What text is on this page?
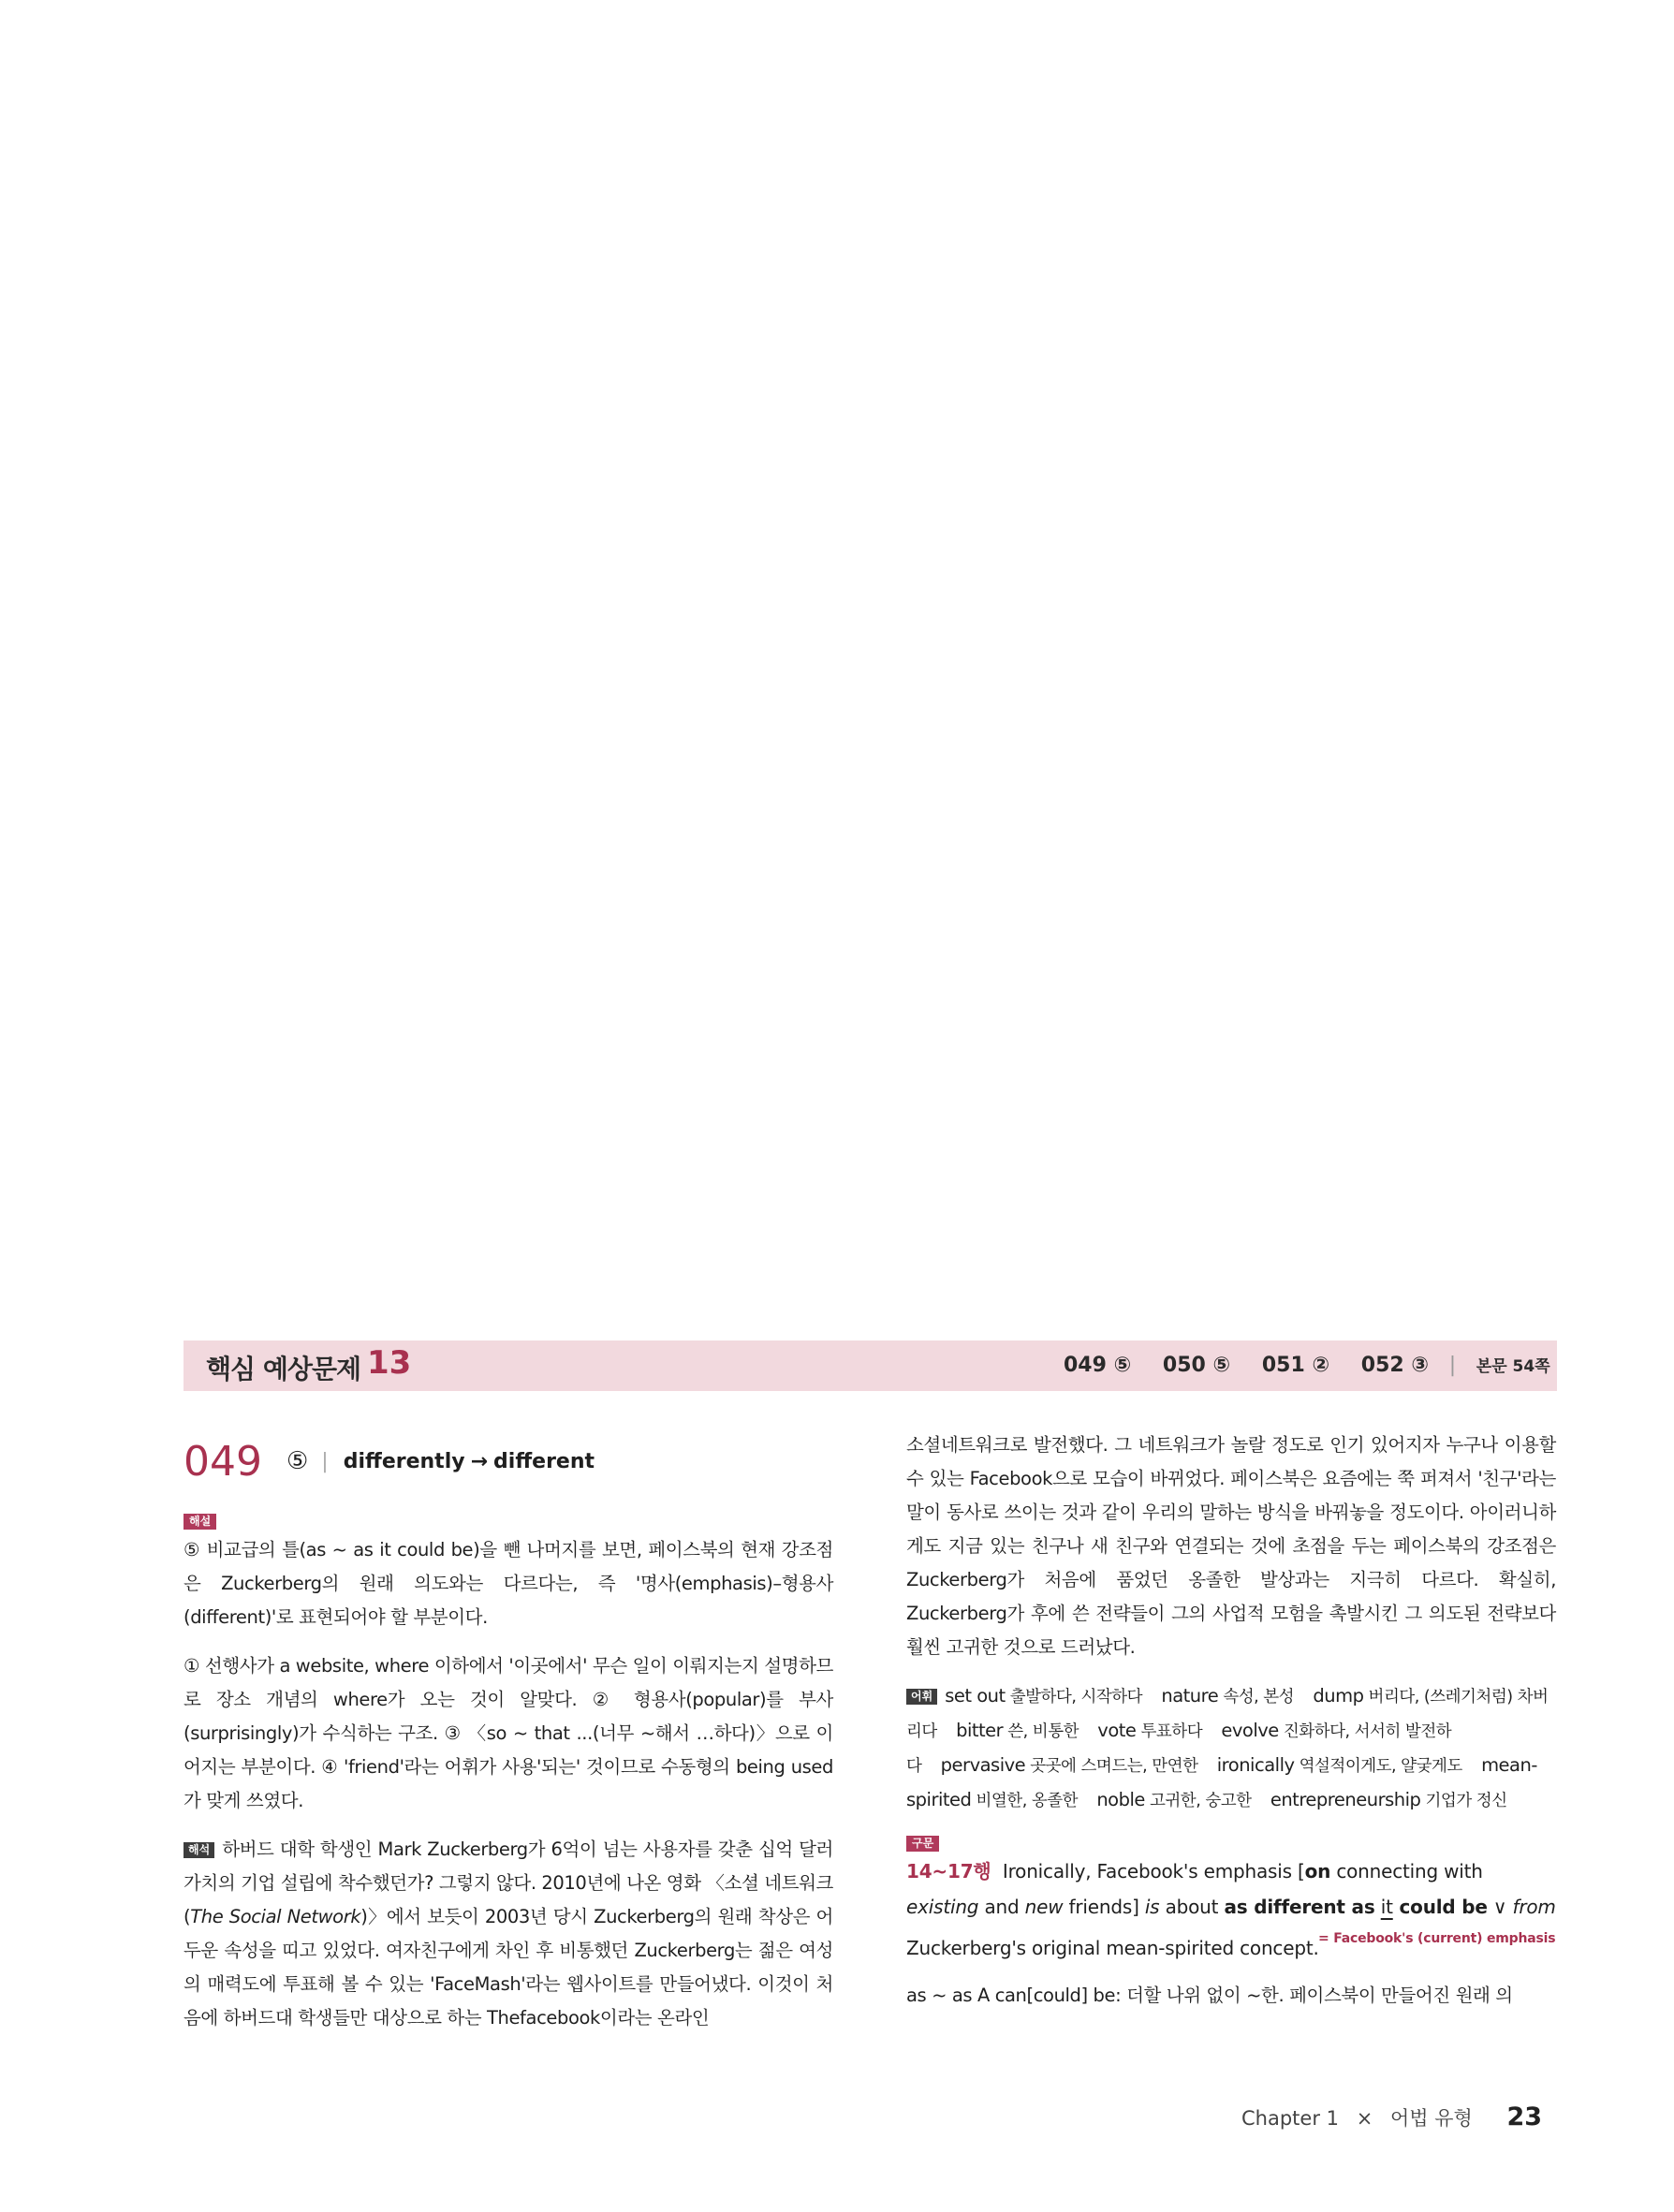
핵심 예상문제 13	049 ⑤ 050 ⑤ 051 ② 052 ③ | 본문 54쪽
049 ⑤ | differently → different
해설

⑤ 비교급의 틀(as ~ as it could be)을 뺀 나머지를 보면, 페이스북의 현재 강조점은 Zuckerberg의 원래 의도와는 다르다는, 즉 '명사(emphasis)–형용사(different)'로 표현되어야 할 부분이다.

① 선행사가 a website, where 이하에서 '이곳에서' 무슨 일이 이뤄지는지 설명하므로 장소 개념의 where가 오는 것이 알맞다. ② 형용사(popular)를 부사(surprisingly)가 수식하는 구조. ③ 〈so ~ that ...(너무 ~해서 …하다)〉으로 이어지는 부분이다. ④ 'friend'라는 어휘가 사용'되는' 것이므로 수동형의 being used가 맞게 쓰였다.

해석 하버드 대학 학생인 Mark Zuckerberg가 6억이 넘는 사용자를 갖춘 십억 달러 가치의 기업 설립에 착수했던가? 그렇지 않다. 2010년에 나온 영화 〈소셜 네트워크(The Social Network)〉에서 보듯이 2003년 당시 Zuckerberg의 원래 착상은 어두운 속성을 띠고 있었다. 여자친구에게 차인 후 비통했던 Zuckerberg는 젊은 여성의 매력도에 투표해 볼 수 있는 'FaceMash'라는 웹사이트를 만들어냈다. 이것이 처음에 하버드대 학생들만 대상으로 하는 Thefacebook이라는 온라인

소셜네트워크로 발전했다. 그 네트워크가 놀랄 정도로 인기 있어지자 누구나 이용할 수 있는 Facebook으로 모습이 바뀌었다. 페이스북은 요즘에는 쭉 퍼져서 '친구'라는 말이 동사로 쓰이는 것과 같이 우리의 말하는 방식을 바꿔놓을 정도이다. 아이러니하게도 지금 있는 친구나 새 친구와 연결되는 것에 초점을 두는 페이스북의 강조점은 Zuckerberg가 처음에 품었던 옹졸한 발상과는 지극히 다르다. 확실히, Zuckerberg가 후에 쓴 전략들이 그의 사업적 모험을 촉발시킨 그 의도된 전략보다 훨씬 고귀한 것으로 드러났다.

어휘 set out 출발하다, 시작하다 nature 속성, 본성 dump 버리다, (쓰레기처럼) 차버리다 bitter 쓴, 비통한 vote 투표하다 evolve 진화하다, 서서히 발전하다 pervasive 곳곳에 스며드는, 만연한 ironically 역설적이게도, 얄궂게도 mean-spirited 비열한, 옹졸한 noble 고귀한, 숭고한 entrepreneurship 기업가 정신
구문
14~17행 Ironically, Facebook's emphasis [on connecting with
existing and new friends] is about as different as it could be ∨ from
Zuckerberg's original mean-spirited concept. = Facebook's (current) emphasis

as ~ as A can[could] be: 더할 나위 없이 ~한. 페이스북이 만들어진 원래 의

Chapter 1 × 어법 유형 23
